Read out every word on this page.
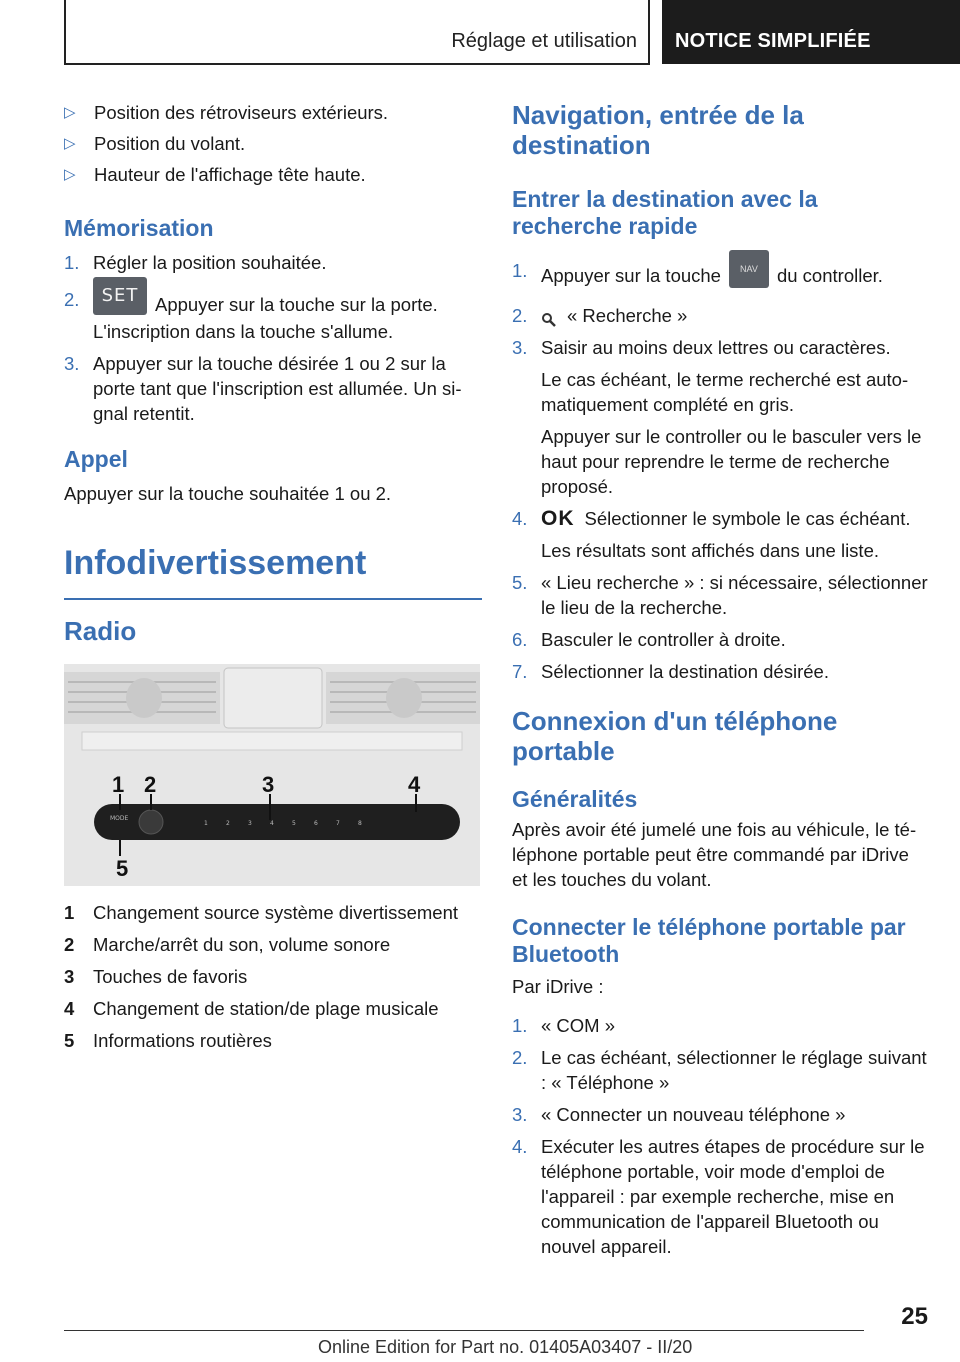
Réglage et utilisation NOTICE SIMPLIFIÉE
▷ Position des rétroviseurs extérieurs.
▷ Position du volant.
▷ Hauteur de l'affichage tête haute.
Mémorisation
1. Régler la position souhaitée.
2.	SET Appuyer sur la touche sur la porte.
L'inscription dans la touche s'allume.
3. Appuyer sur la touche désirée 1 ou 2 sur la porte tant que l'inscription est allumée. Un signal retentit.
Appel

Appuyer sur la touche souhaitée 1 ou 2.

Infodivertissement
Radio
MODE
1	2	3	4	5	6	7	8
1 2	3	4
5
1 Changement source système divertissement
2 Marche/arrêt du son, volume sonore
3 Touches de favoris
4 Changement de station/de plage musicale
5 Informations routières
Navigation, entrée de la destination
Entrer la destination avec la recherche rapide
1. Appuyer sur la touche	NAV	du controller.
2. « Recherche »
3. Saisir au moins deux lettres ou caractères.

Le cas échéant, le terme recherché est automatiquement complété en gris.

Appuyer sur le controller ou le basculer vers le haut pour reprendre le terme de recherche proposé.

4. OK Sélectionner le symbole le cas échéant.

Les résultats sont affichés dans une liste.

5. « Lieu recherche » : si nécessaire, sélectionner le lieu de la recherche.
6. Basculer le controller à droite.
7. Sélectionner la destination désirée.
Connexion d'un téléphone portable
Généralités

Après avoir été jumelé une fois au véhicule, le téléphone portable peut être commandé par iDrive et les touches du volant.

Connecter le téléphone portable par Bluetooth

Par iDrive :

1. « COM »
2. Le cas échéant, sélectionner le réglage suivant : « Téléphone »
3. « Connecter un nouveau téléphone »
4. Exécuter les autres étapes de procédure sur le téléphone portable, voir mode d'emploi de l'appareil : par exemple recherche, mise en communication de l'appareil Bluetooth ou nouvel appareil.
25
Online Edition for Part no. 01405A03407 - II/20
